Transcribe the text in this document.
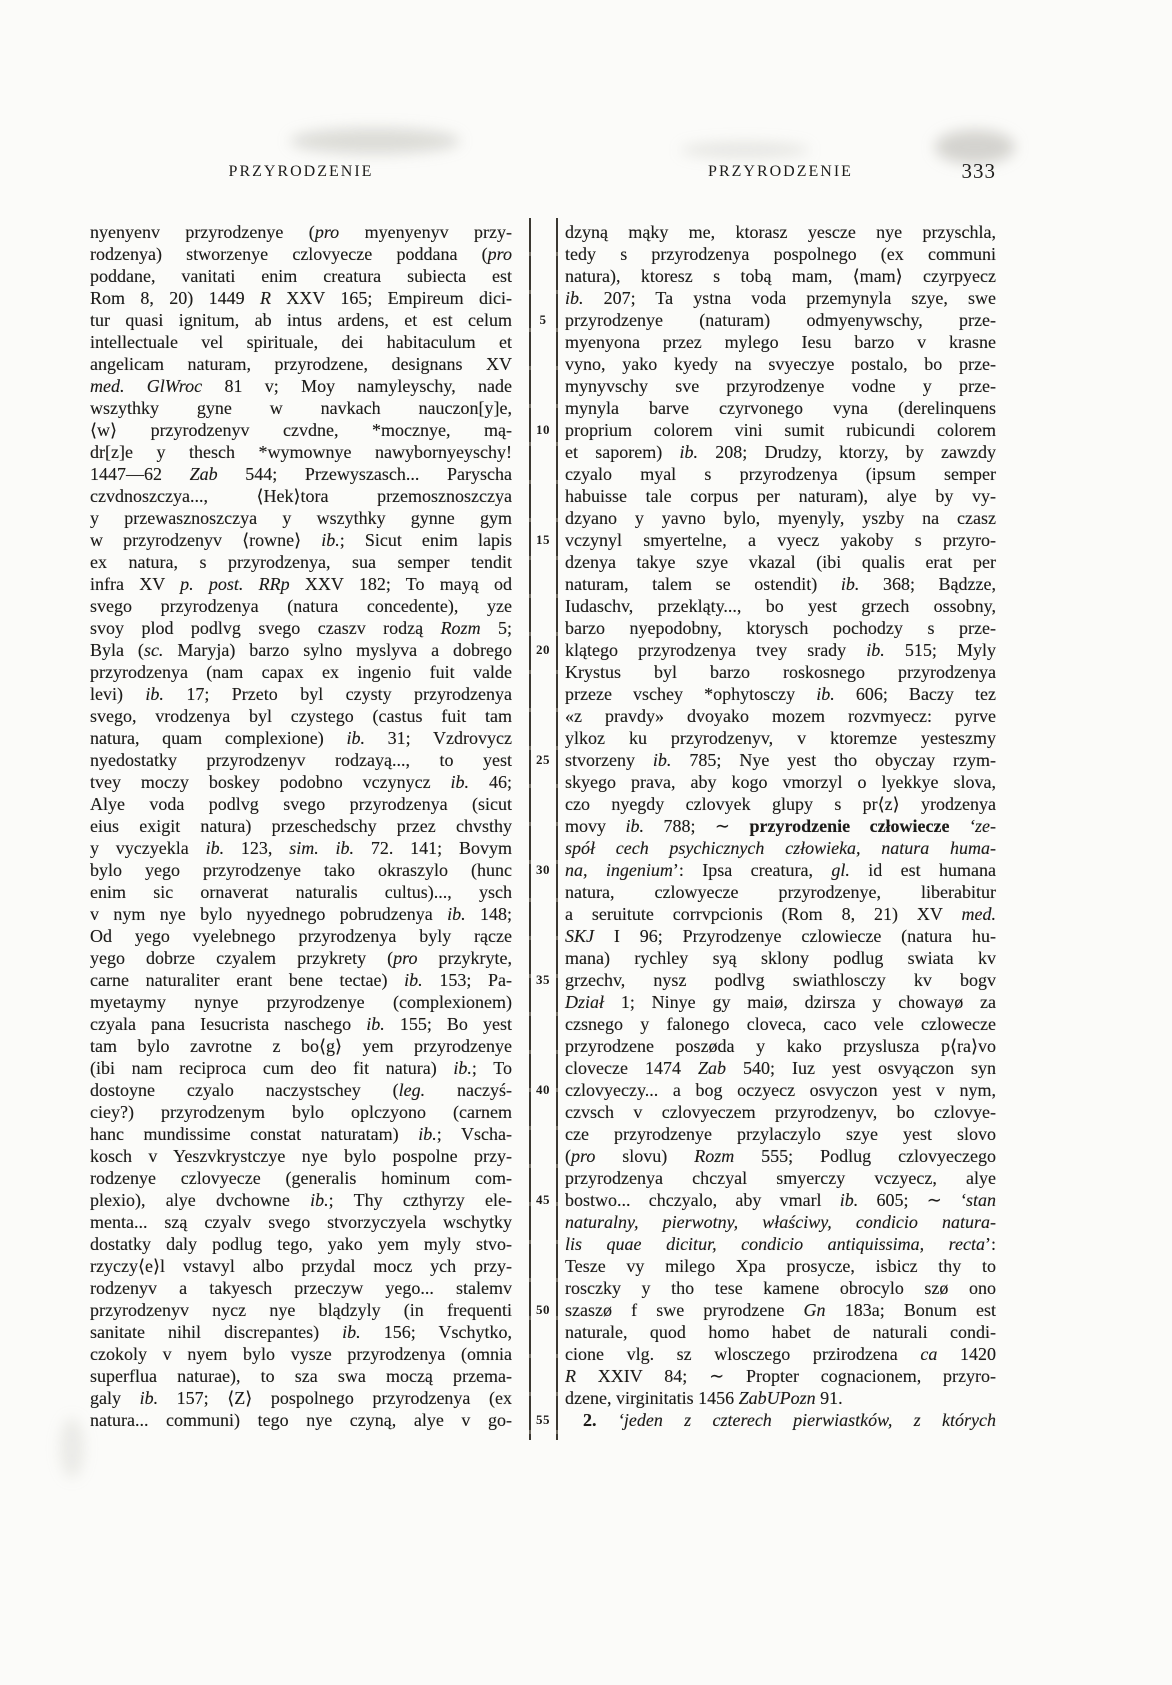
PRZYRODZENIE	PRZYRODZENIE	333
5
10
15
20
25
30
35
40
45
50
55
nyenyenv przyrodzenye (pro myenyenyv przy-
rodzenya) stworzenye czlovyecze poddana (pro
poddane, vanitati enim creatura subiecta est
Rom 8, 20) 1449 R XXV 165; Empireum dici-
tur quasi ignitum, ab intus ardens, et est celum
intellectuale vel spirituale, dei habitaculum et
angelicam naturam, przyrodzene, designans XV
med. GlWroc 81 v; Moy namyleyschy, nade
wszythky gyne w navkach nauczon[y]e,
⟨w⟩ przyrodzenyv czvdne, *mocznye, mą-
dr[z]e y thesch *wymownye nawybornyeyschy!
1447—62 Zab 544; Przewyszasch... Paryscha
czvdnoszczya..., ⟨Hek⟩tora przemosznoszczya
y przewasznoszczya y wszythky gynne gym
w przyrodzenyv ⟨rowne⟩ ib.; Sicut enim lapis
ex natura, s przyrodzenya, sua semper tendit
infra XV p. post. RRp XXV 182; To mayą od
svego przyrodzenya (natura concedente), yze
svoy plod podlvg svego czaszv rodzą Rozm 5;
Byla (sc. Maryja) barzo sylno myslyva a dobrego
przyrodzenya (nam capax ex ingenio fuit valde
levi) ib. 17; Przeto byl czysty przyrodzenya
svego, vrodzenya byl czystego (castus fuit tam
natura, quam complexione) ib. 31; Vzdrovycz
nyedostatky przyrodzenyv rodzayą..., to yest
tvey moczy boskey podobno vczynycz ib. 46;
Alye voda podlvg svego przyrodzenya (sicut
eius exigit natura) przeschedschy przez chvsthy
y vyczyekla ib. 123, sim. ib. 72. 141; Bovym
bylo yego przyrodzenye tako okraszylo (hunc
enim sic ornaverat naturalis cultus)..., ysch
v nym nye bylo nyyednego pobrudzenya ib. 148;
Od yego vyelebnego przyrodzenya byly rącze
yego dobrze czyalem przykrety (pro przykryte,
carne naturaliter erant bene tectae) ib. 153; Pa-
myetaymy nynye przyrodzenye (complexionem)
czyala pana Iesucrista naschego ib. 155; Bo yest
tam bylo zavrotne z bo⟨g⟩ yem przyrodzenye
(ibi nam reciproca cum deo fit natura) ib.; To
dostoyne czyalo naczystschey (leg. naczyś-
ciey?) przyrodzenym bylo oplczyono (carnem
hanc mundissime constat naturatam) ib.; Vscha-
kosch v Yeszvkrystczye nye bylo pospolne przy-
rodzenye czlovyecze (generalis hominum com-
plexio), alye dvchowne ib.; Thy czthyrzy ele-
menta... szą czyalv svego stvorzyczyela wschytky
dostatky daly podlug tego, yako yem myly stvo-
rzyczy⟨e⟩l vstavyl albo przydal mocz ych przy-
rodzenyv a takyesch przeczyw yego... stalemv
przyrodzenyv nycz nye blądzyly (in frequenti
sanitate nihil discrepantes) ib. 156; Vschytko,
czokoly v nyem bylo vysze przyrodzenya (omnia
superflua naturae), to sza swa moczą przema-
galy ib. 157; ⟨Z⟩ pospolnego przyrodzenya (ex
natura... communi) tego nye czyną, alye v go-
dzyną mąky me, ktorasz yescze nye przyschla,
tedy s przyrodzenya pospolnego (ex communi
natura), ktoresz s tobą mam, ⟨mam⟩ czyrpyecz
ib. 207; Ta ystna voda przemynyla szye, swe
przyrodzenye (naturam) odmyenywschy, prze-
myenyona przez mylego Iesu barzo v krasne
vyno, yako kyedy na svyeczye postalo, bo prze-
mynyvschy sve przyrodzenye vodne y prze-
mynyla barve czyrvonego vyna (derelinquens
proprium colorem vini sumit rubicundi colorem
et saporem) ib. 208; Drudzy, ktorzy, by zawzdy
czyalo myal s przyrodzenya (ipsum semper
habuisse tale corpus per naturam), alye by vy-
dzyano y yavno bylo, myenyly, yszby na czasz
vczynyl smyertelne, a vyecz yakoby s przyro-
dzenya takye szye vkazal (ibi qualis erat per
naturam, talem se ostendit) ib. 368; Bądzze,
Iudaschv, przekląty..., bo yest grzech ossobny,
barzo nyepodobny, ktorysch pochodzy s prze-
klątego przyrodzenya tvey srady ib. 515; Myly
Krystus byl barzo roskosnego przyrodzenya
przeze vschey *ophytosczy ib. 606; Baczy tez
«z pravdy» dvoyako mozem rozvmyecz: pyrve
ylkoz ku przyrodzenyv, v ktoremze yesteszmy
stvorzeny ib. 785; Nye yest tho obyczay rzym-
skyego prava, aby kogo vmorzyl o lyekkye slova,
czo nyegdy czlovyek glupy s pr⟨z⟩ yrodzenya
movy ib. 788; ∼ przyrodzenie człowiecze ‘ze-
spół cech psychicznych człowieka, natura huma-
na, ingenium’: Ipsa creatura, gl. id est humana
natura, czlowyecze przyrodzenye, liberabitur
a seruitute corrvpcionis (Rom 8, 21) XV med.
SKJ I 96; Przyrodzenye czlowiecze (natura hu-
mana) rychley syą sklony podlug swiata kv
grzechv, nysz podlvg swiathlosczy kv bogv
Dział 1; Ninye gy maiø, dzirsza y chowayø za
czsnego y falonego cloveca, caco vele czlowecze
przyrodzene poszøda y kako przyslusza p⟨ra⟩vo
clovecze 1474 Zab 540; Iuz yest osvyączon syn
czlovyeczy... a bog oczyecz osvyczon yest v nym,
czvsch v czlovyeczem przyrodzenyv, bo czlovye-
cze przyrodzenye przylaczylo szye yest slovo
(pro slovu) Rozm 555; Podlug czlovyeczego
przyrodzenya chczyal smyerczy vczyecz, alye
bostwo... chczyalo, aby vmarl ib. 605; ∼ ‘stan
naturalny, pierwotny, właściwy, condicio natura-
lis quae dicitur, condicio antiquissima, recta’:
Tesze vy milego Xpa prosycze, isbicz thy to
rosczky y tho tese kamene obrocylo szø ono
szaszø f swe pryrodzene Gn 183a; Bonum est
naturale, quod homo habet de naturali condi-
cione vlg. sz wlosczego przirodzena ca 1420
R XXIV 84; ∼ Propter cognacionem, przyro-
dzene, virginitatis 1456 ZabUPozn 91.
 2. ‘jeden z czterech pierwiastków, z których
